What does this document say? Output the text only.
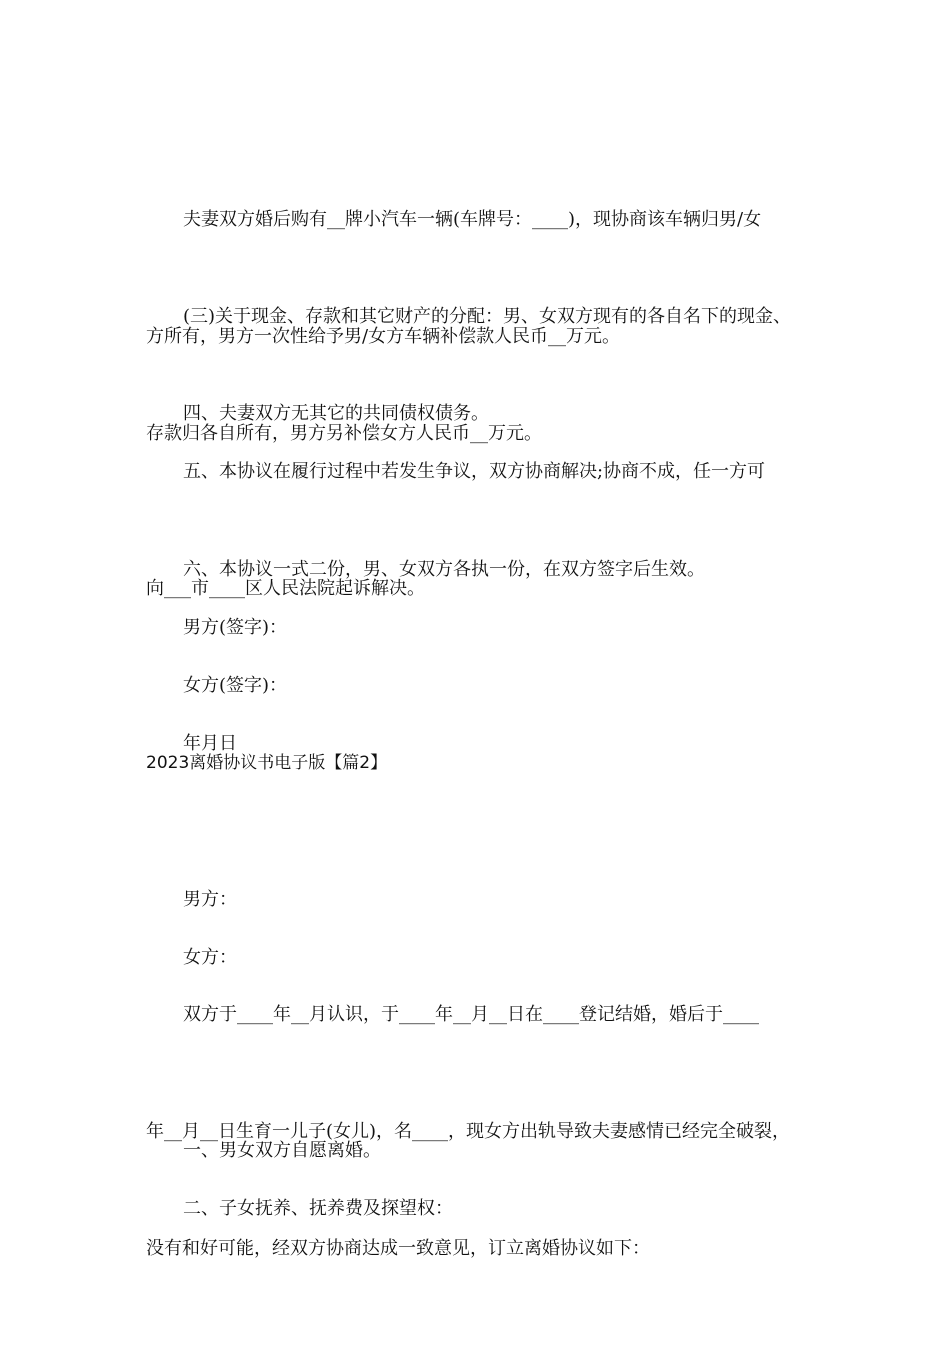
夫妻双方婚后购有__牌小汽车一辆(车牌号：____)，现协商该车辆归男/女

方所有，男方一次性给予男/女方车辆补偿款人民币__万元。

(三)关于现金、存款和其它财产的分配：男、女双方现有的各自名下的现金、

存款归各自所有，男方另补偿女方人民币__万元。

四、夫妻双方无其它的共同债权债务。

五、本协议在履行过程中若发生争议，双方协商解决;协商不成，任一方可

向___市____区人民法院起诉解决。

六、本协议一式二份，男、女双方各执一份，在双方签字后生效。

男方(签字)：

女方(签字)：

年月日

2023离婚协议书电子版【篇2】

男方：

女方：

双方于____年__月认识，于____年__月__日在____登记结婚，婚后于____

年__月__日生育一儿子(女儿)，名____，现女方出轨导致夫妻感情已经完全破裂，

没有和好可能，经双方协商达成一致意见，订立离婚协议如下：

一、男女双方自愿离婚。

二、子女抚养、抚养费及探望权：
